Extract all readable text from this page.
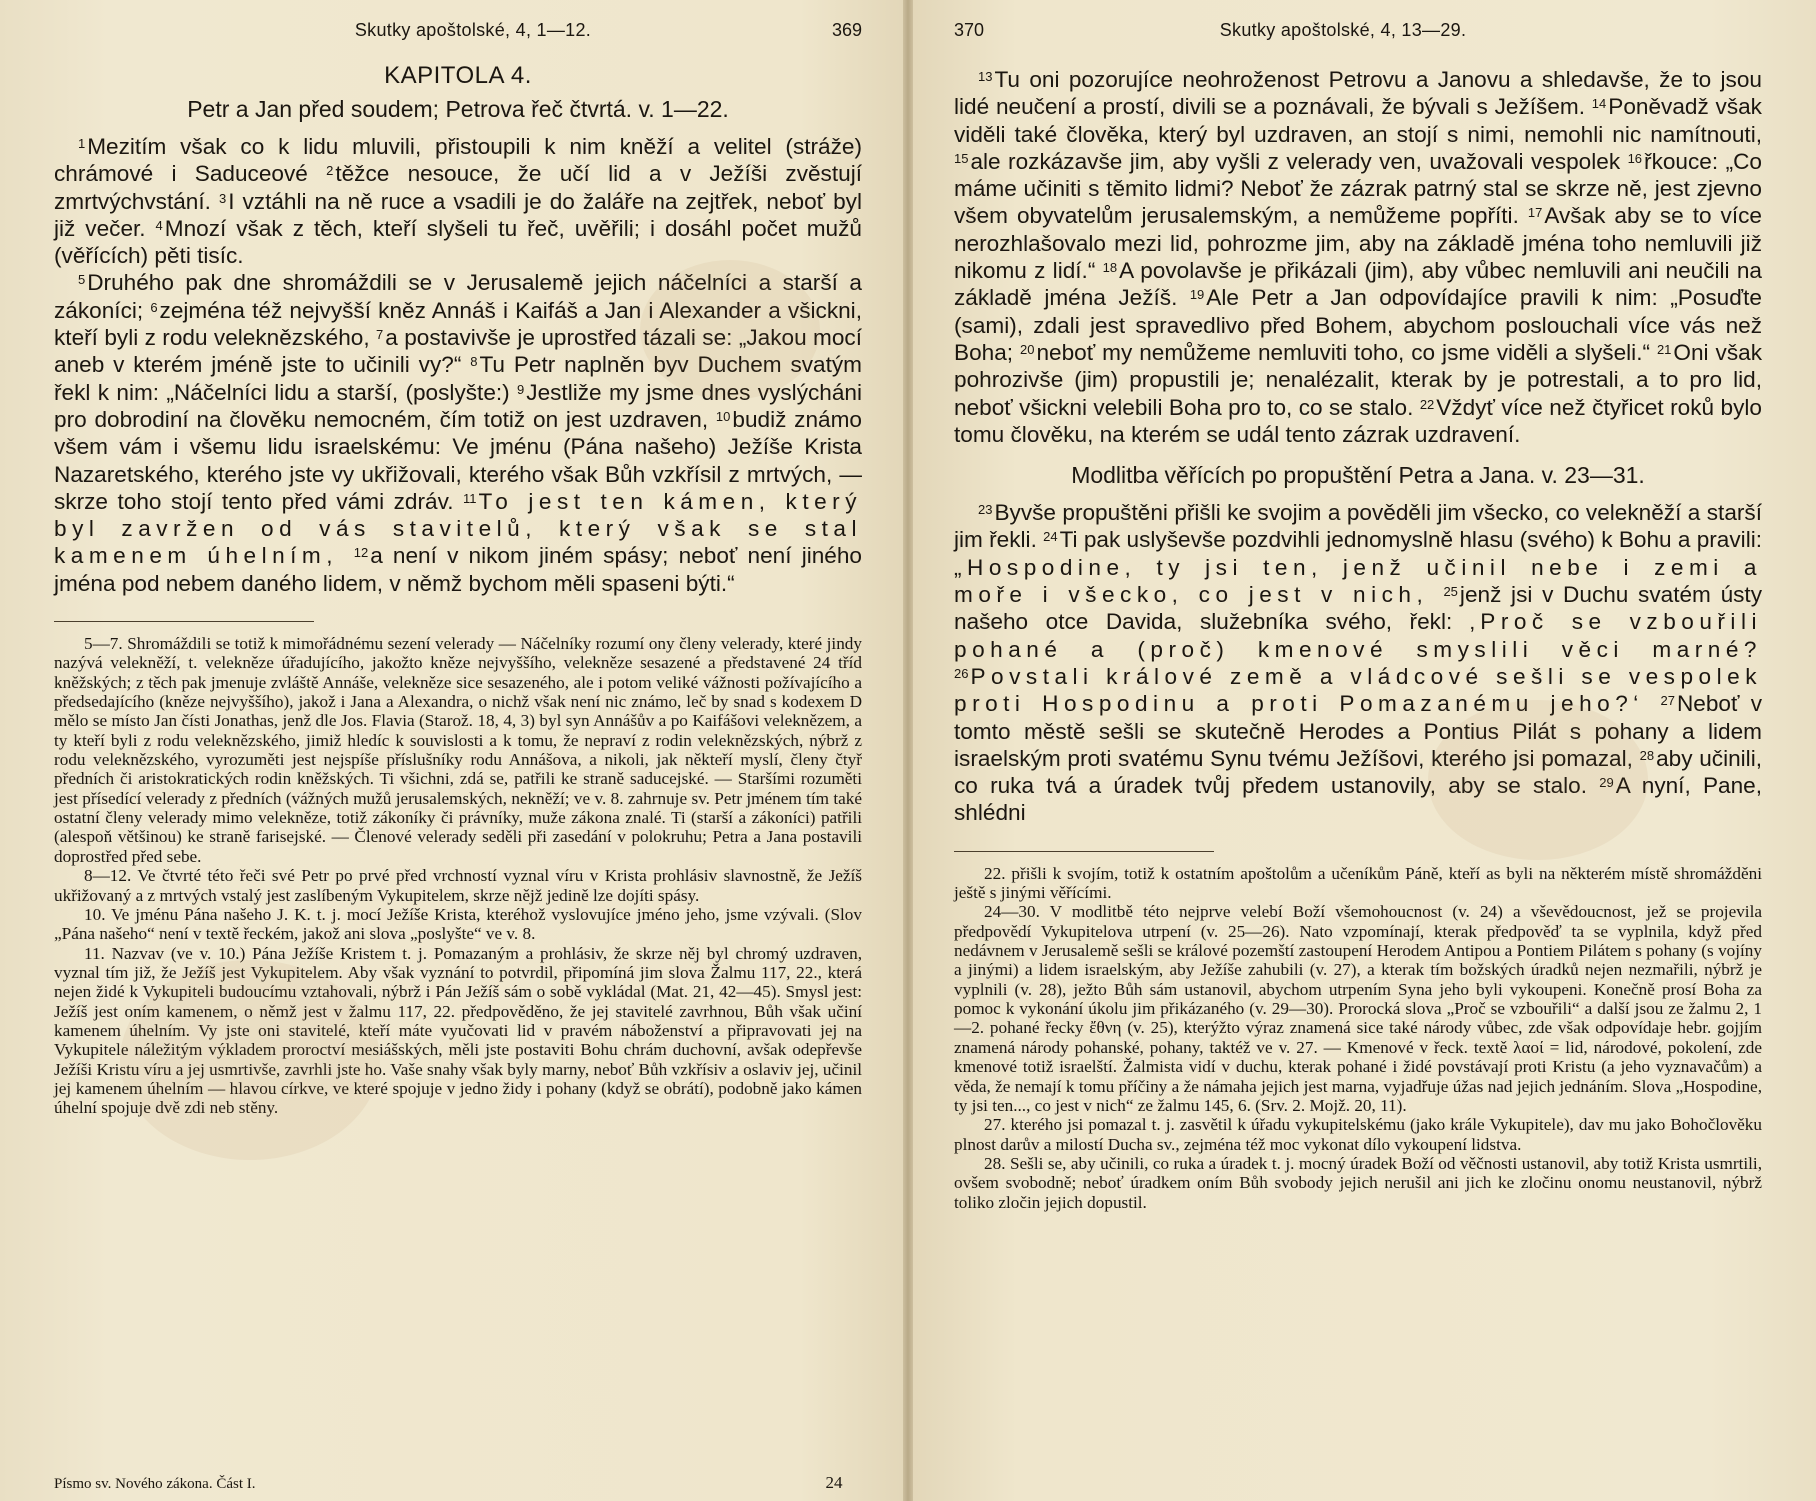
Skutky apoštolské, 4, 1—12.	369
KAPITOLA 4.
Petr a Jan před soudem; Petrova řeč čtvrtá. v. 1—22.

$^1$Mezitím však co k lidu mluvili, přistoupili k nim kněží a velitel (stráže) chrámové i Saduceové $^2$těžce nesouce, že učí lid a v Ježíši zvěstují zmrtvýchvstání. $^3$I vztáhli na ně ruce a vsadili je do žaláře na zejtřek, neboť byl již večer. $^4$Mnozí však z těch, kteří slyšeli tu řeč, uvěřili; i dosáhl počet mužů (věřících) pěti tisíc.

$^5$Druhého pak dne shromáždili se v Jerusalemě jejich náčelníci a starší a zákoníci; $^6$zejména též nejvyšší kněz Annáš i Kaifáš a Jan i Alexander a všickni, kteří byli z rodu veleknězského, $^7$a postavivše je uprostřed tázali se: „Jakou mocí aneb v kterém jméně jste to učinili vy?“ $^8$Tu Petr naplněn byv Duchem svatým řekl k nim: „Náčelníci lidu a starší, (poslyšte:) $^9$Jestliže my jsme dnes vyslýcháni pro dobrodiní na člověku nemocném, čím totiž on jest uzdraven, $^{10}$budiž známo všem vám i všemu lidu israelskému: Ve jménu (Pána našeho) Ježíše Krista Nazaretského, kterého jste vy ukřižovali, kterého však Bůh vzkřísil z mrtvých, — skrze toho stojí tento před vámi zdráv. $^{11}$To jest ten kámen, který byl zavržen od vás stavitelů, který však se stal kamenem úhelním, $^{12}$a není v nikom jiném spásy; neboť není jiného jména pod nebem daného lidem, v němž bychom měli spaseni býti.“

5—7. Shromáždili se totiž k mimořádnému sezení velerady — Náčelníky rozumí ony členy velerady, které jindy nazývá velekněží, t. velekněze úřadujícího, jakožto kněze nejvyššího, velekněze sesazené a představené 24 tříd kněžských; z těch pak jmenuje zvláště Annáše, velekněze sice sesazeného, ale i potom veliké vážnosti požívajícího a předsedajícího (kněze nejvyššího), jakož i Jana a Alexandra, o nichž však není nic známo, leč by snad s kodexem D mělo se místo Jan čísti Jonathas, jenž dle Jos. Flavia (Starož. 18, 4, 3) byl syn Annášův a po Kaifášovi veleknězem, a ty kteří byli z rodu veleknězského, jimiž hledíc k souvislosti a k tomu, že nepraví z rodin veleknězských, nýbrž z rodu veleknězského, vyrozuměti jest nejspíše příslušníky rodu Annášova, a nikoli, jak někteří myslí, členy čtyř předních či aristokratických rodin kněžských. Ti všichni, zdá se, patřili ke straně saducejské. — Staršími rozuměti jest přísedící velerady z předních (vážných mužů jerusalemských, nekněží; ve v. 8. zahrnuje sv. Petr jménem tím také ostatní členy velerady mimo velekněze, totiž zákoníky či právníky, muže zákona znalé. Ti (starší a zákoníci) patřili (alespoň většinou) ke straně farisejské. — Členové velerady seděli při zasedání v polokruhu; Petra a Jana postavili doprostřed před sebe.

8—12. Ve čtvrté této řeči své Petr po prvé před vrchností vyznal víru v Krista prohlásiv slavnostně, že Ježíš ukřižovaný a z mrtvých vstalý jest zaslíbeným Vykupitelem, skrze nějž jedině lze dojíti spásy.

10. Ve jménu Pána našeho J. K. t. j. mocí Ježíše Krista, kteréhož vyslovujíce jméno jeho, jsme vzývali. (Slov „Pána našeho“ není v textě řeckém, jakož ani slova „poslyšte“ ve v. 8.

11. Nazvav (ve v. 10.) Pána Ježíše Kristem t. j. Pomazaným a prohlásiv, že skrze něj byl chromý uzdraven, vyznal tím již, že Ježíš jest Vykupitelem. Aby však vyznání to potvrdil, připomíná jim slova Žalmu 117, 22., která nejen židé k Vykupiteli budoucímu vztahovali, nýbrž i Pán Ježíš sám o sobě vykládal (Mat. 21, 42—45). Smysl jest: Ježíš jest oním kamenem, o němž jest v žalmu 117, 22. předpověděno, že jej stavitelé zavrhnou, Bůh však učiní kamenem úhelním. Vy jste oni stavitelé, kteří máte vyučovati lid v pravém náboženství a připravovati jej na Vykupitele náležitým výkladem proroctví mesiášských, měli jste postaviti Bohu chrám duchovní, avšak odepřevše Ježíši Kristu víru a jej usmrtivše, zavrhli jste ho. Vaše snahy však byly marny, neboť Bůh vzkřísiv a oslaviv jej, učinil jej kamenem úhelním — hlavou církve, ve které spojuje v jedno židy i pohany (když se obrátí), podobně jako kámen úhelní spojuje dvě zdi neb stěny.

Písmo sv. Nového zákona. Část I.	24
370	Skutky apoštolské, 4, 13—29.

$^{13}$Tu oni pozorujíce neohroženost Petrovu a Janovu a shledavše, že to jsou lidé neučení a prostí, divili se a poznávali, že bývali s Ježíšem. $^{14}$Poněvadž však viděli také člověka, který byl uzdraven, an stojí s nimi, nemohli nic namítnouti, $^{15}$ale rozkázavše jim, aby vyšli z velerady ven, uvažovali vespolek $^{16}$řkouce: „Co máme učiniti s těmito lidmi? Neboť že zázrak patrný stal se skrze ně, jest zjevno všem obyvatelům jerusalemským, a nemůžeme popříti. $^{17}$Avšak aby se to více nerozhlašovalo mezi lid, pohrozme jim, aby na základě jména toho nemluvili již nikomu z lidí.“ $^{18}$A povolavše je přikázali (jim), aby vůbec nemluvili ani neučili na základě jména Ježíš. $^{19}$Ale Petr a Jan odpovídajíce pravili k nim: „Posuďte (sami), zdali jest spravedlivo před Bohem, abychom poslouchali více vás než Boha; $^{20}$neboť my nemůžeme nemluviti toho, co jsme viděli a slyšeli.“ $^{21}$Oni však pohrozivše (jim) propustili je; nenalézalit, kterak by je potrestali, a to pro lid, neboť všickni velebili Boha pro to, co se stalo. $^{22}$Vždyť více než čtyřicet roků bylo tomu člověku, na kterém se udál tento zázrak uzdravení.

Modlitba věřících po propuštění Petra a Jana. v. 23—31.

$^{23}$Byvše propuštěni přišli ke svojim a pověděli jim všecko, co velekněží a starší jim řekli. $^{24}$Ti pak uslyševše pozdvihli jednomyslně hlasu (svého) k Bohu a pravili: „Hospodine, ty jsi ten, jenž učinil nebe i zemi a moře i všecko, co jest v nich, $^{25}$jenž jsi v Duchu svatém ústy našeho otce Davida, služebníka svého, řekl: ‚Proč se vzbouřili pohané a (proč) kmenové smyslili věci marné? $^{26}$Povstali králové země a vládcové sešli se vespolek proti Hospodinu a proti Pomazanému jeho?‘ $^{27}$Neboť v tomto městě sešli se skutečně Herodes a Pontius Pilát s pohany a lidem israelským proti svatému Synu tvému Ježíšovi, kterého jsi pomazal, $^{28}$aby učinili, co ruka tvá a úradek tvůj předem ustanovily, aby se stalo. $^{29}$A nyní, Pane, shlédni

22. přišli k svojím, totiž k ostatním apoštolům a učeníkům Páně, kteří as byli na některém místě shromážděni ještě s jinými věřícími.

24—30. V modlitbě této nejprve velebí Boží všemohoucnost (v. 24) a vševědoucnost, jež se projevila předpovědí Vykupitelova utrpení (v. 25—26). Nato vzpomínají, kterak předpověď ta se vyplnila, když před nedávnem v Jerusalemě sešli se králové pozemští zastoupení Herodem Antipou a Pontiem Pilátem s pohany (s vojíny a jinými) a lidem israelským, aby Ježíše zahubili (v. 27), a kterak tím božských úradků nejen nezmařili, nýbrž je vyplnili (v. 28), ježto Bůh sám ustanovil, abychom utrpením Syna jeho byli vykoupeni. Konečně prosí Boha za pomoc k vykonání úkolu jim přikázaného (v. 29—30). Prorocká slova „Proč se vzbouřili“ a další jsou ze žalmu 2, 1—2. pohané řecky ἔθνη (v. 25), kterýžto výraz znamená sice také národy vůbec, zde však odpovídaje hebr. gojjím znamená národy pohanské, pohany, taktéž ve v. 27. — Kmenové v řeck. textě λαοί = lid, národové, pokolení, zde kmenové totiž israelští. Žalmista vidí v duchu, kterak pohané i židé povstávají proti Kristu (a jeho vyznavačům) a věda, že nemají k tomu příčiny a že námaha jejich jest marna, vyjadřuje úžas nad jejich jednáním. Slova „Hospodine, ty jsi ten..., co jest v nich“ ze žalmu 145, 6. (Srv. 2. Mojž. 20, 11).

27. kterého jsi pomazal t. j. zasvětil k úřadu vykupitelskému (jako krále Vykupitele), dav mu jako Bohočlověku plnost darův a milostí Ducha sv., zejména též moc vykonat dílo vykoupení lidstva.

28. Sešli se, aby učinili, co ruka a úradek t. j. mocný úradek Boží od věčnosti ustanovil, aby totiž Krista usmrtili, ovšem svobodně; neboť úradkem oním Bůh svobody jejich nerušil ani jich ke zločinu onomu neustanovil, nýbrž toliko zločin jejich dopustil.
